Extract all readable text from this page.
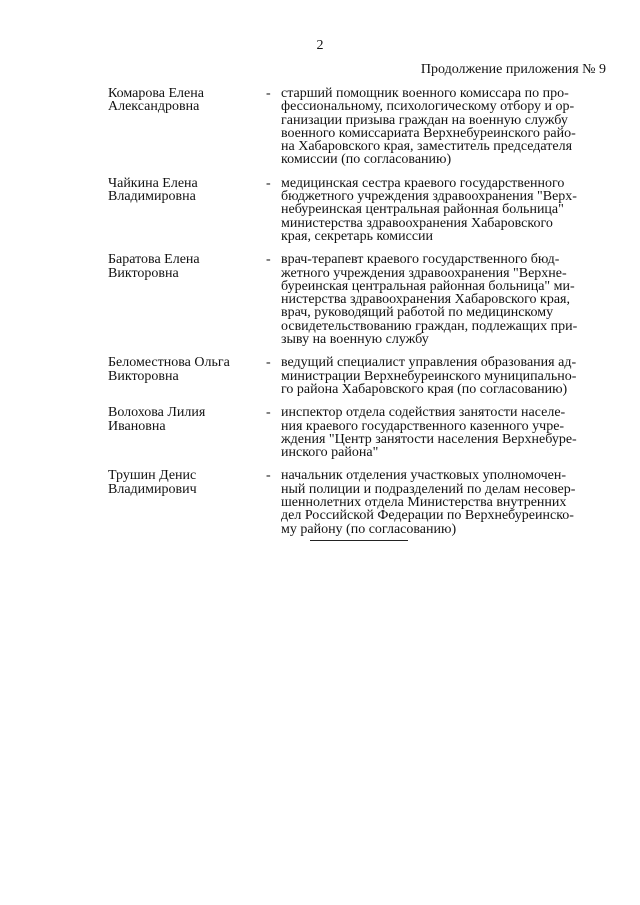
2
Продолжение приложения № 9
Комарова Елена
Александровна
- старший помощник военного комиссара по про-
фессиональному, психологическому отбору и ор-
ганизации призыва граждан на военную службу
военного комиссариата Верхнебуреинского райо-
на Хабаровского края, заместитель председателя
комиссии (по согласованию)
Чайкина Елена
Владимировна
- медицинская сестра краевого государственного
бюджетного учреждения здравоохранения "Верх-
небуреинская центральная районная больница"
министерства здравоохранения Хабаровского
края, секретарь комиссии
Баратова Елена
Викторовна
- врач-терапевт краевого государственного бюд-
жетного учреждения здравоохранения "Верхне-
буреинская центральная районная больница" ми-
нистерства здравоохранения Хабаровского края,
врач, руководящий работой по медицинскому
освидетельствованию граждан, подлежащих при-
зыву на военную службу
Беломестнова Ольга
Викторовна
- ведущий специалист управления образования ад-
министрации Верхнебуреинского муниципально-
го района Хабаровского края (по согласованию)
Волохова Лилия
Ивановна
- инспектор отдела содействия занятости населе-
ния краевого государственного казенного учре-
ждения "Центр занятости населения Верхнебуре-
инского района"
Трушин Денис
Владимирович
- начальник отделения участковых уполномочен-
ный полиции и подразделений по делам несовер-
шеннолетних отдела Министерства внутренних
дел Российской Федерации по Верхнебуреинско-
му району (по согласованию)
